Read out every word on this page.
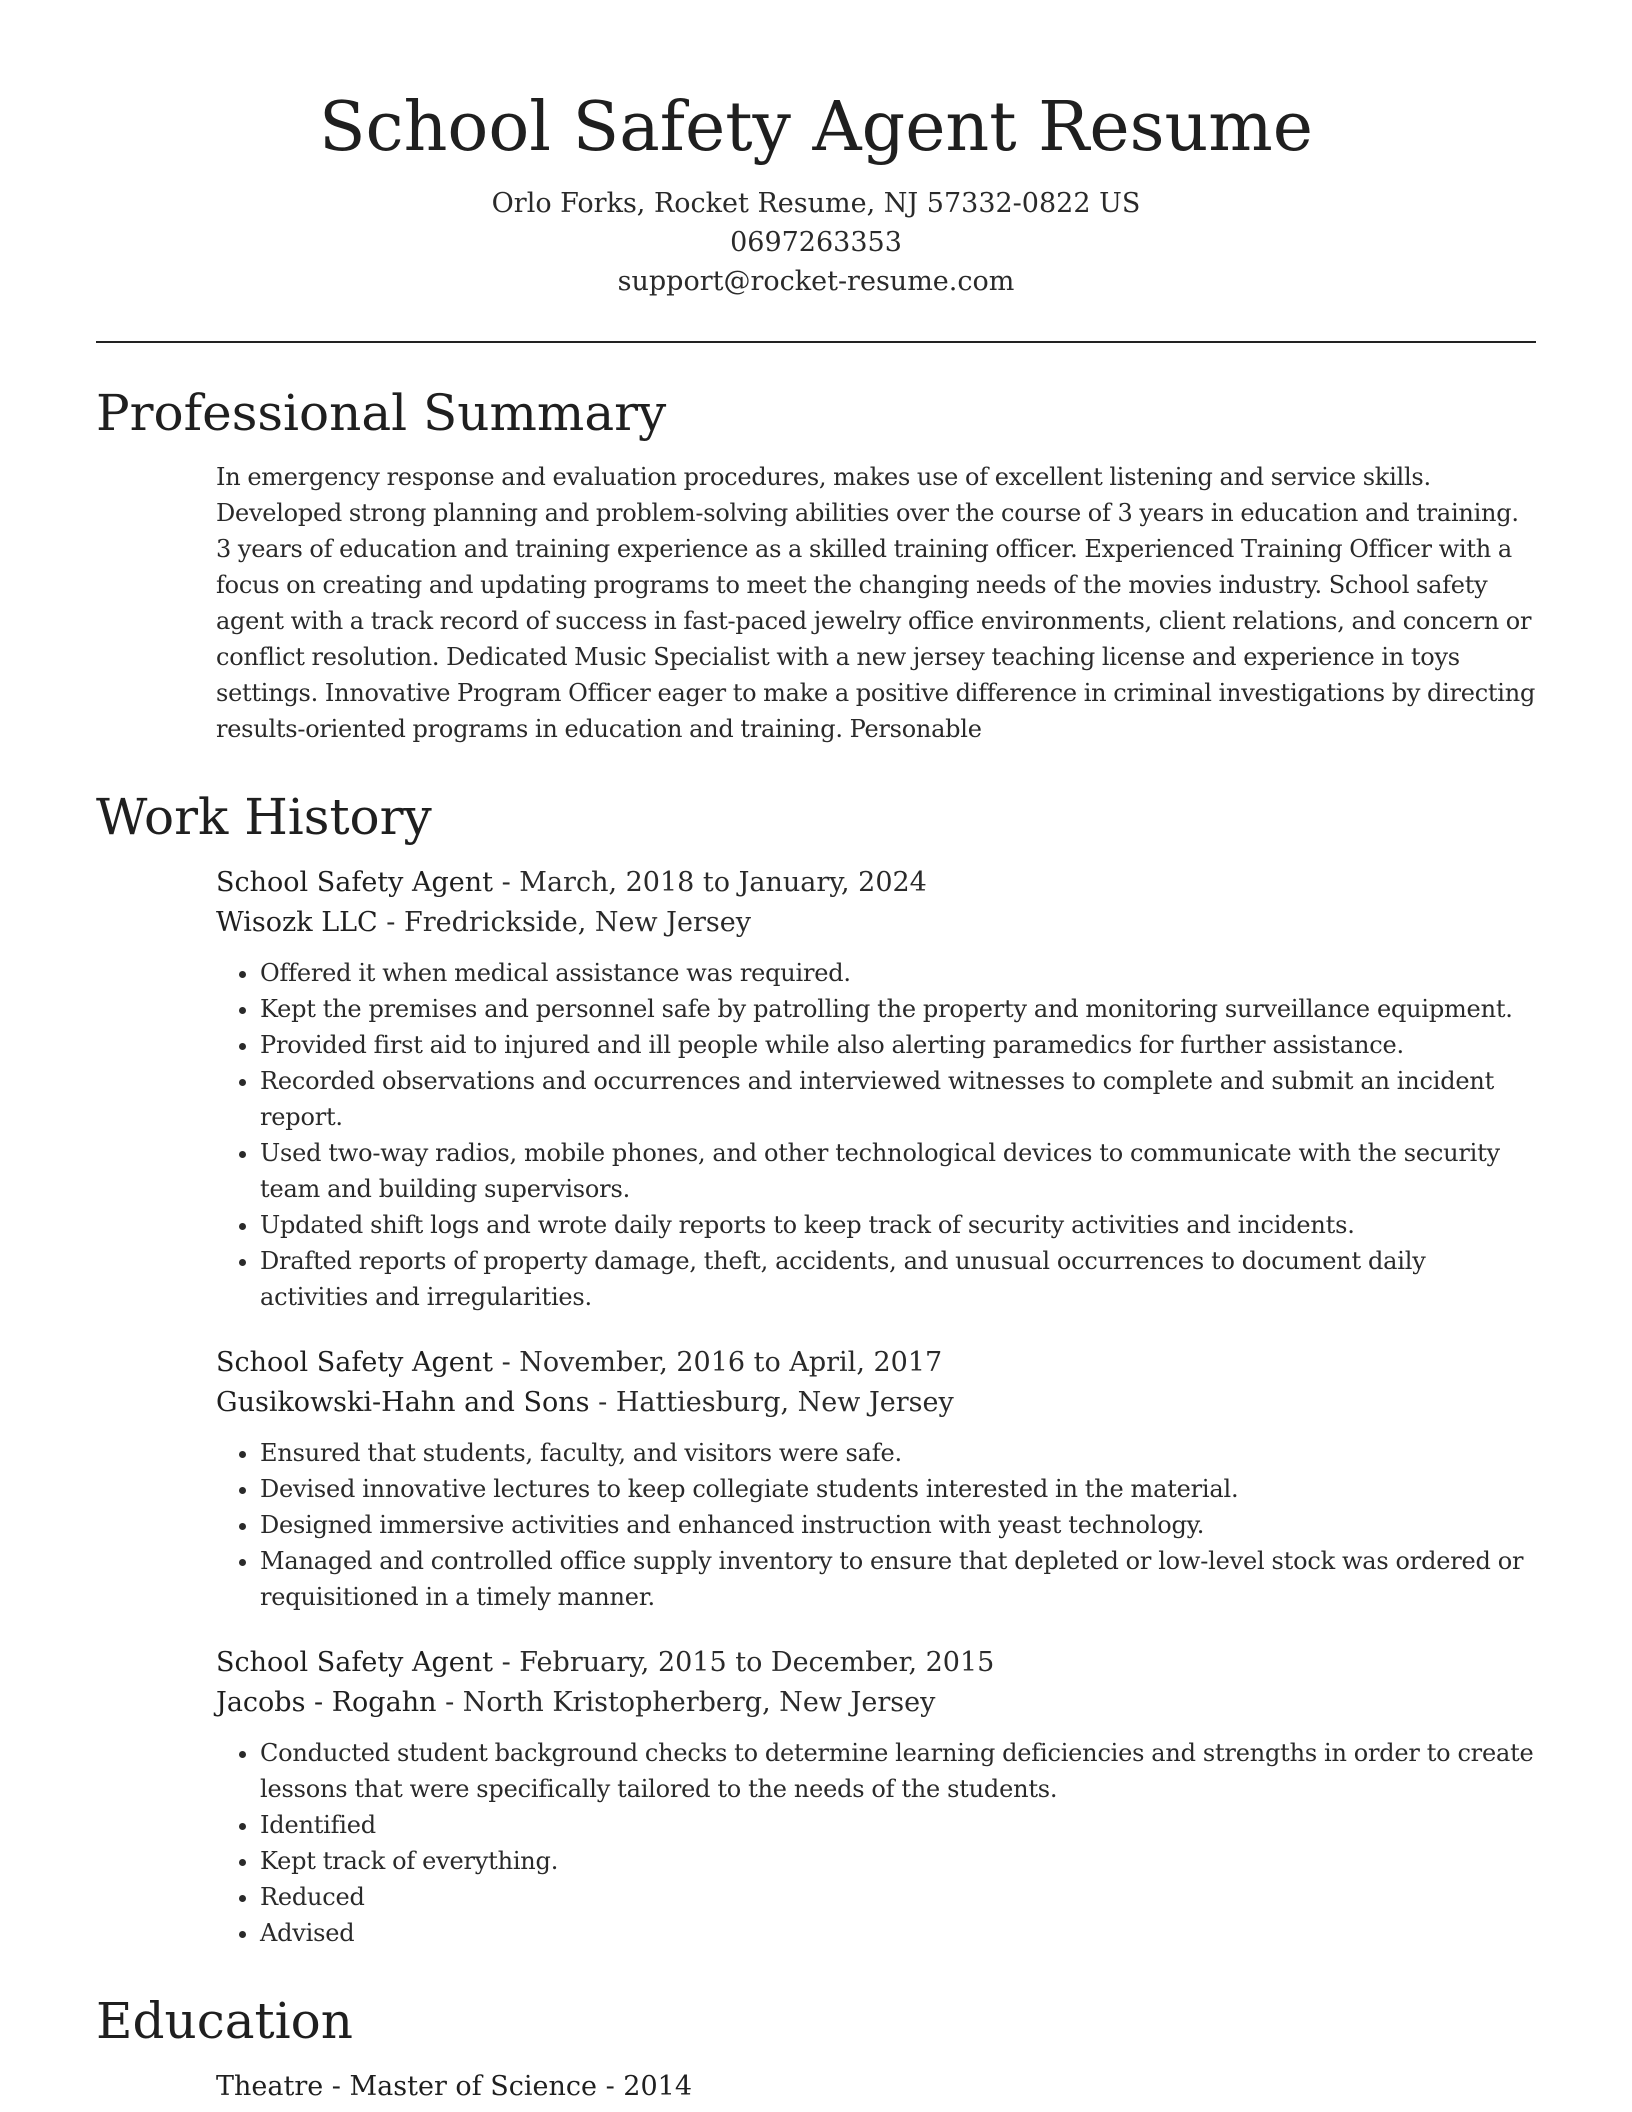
School Safety Agent Resume
Orlo Forks, Rocket Resume, NJ 57332-0822 US
0697263353
support@rocket-resume.com
Professional Summary
In emergency response and evaluation procedures, makes use of excellent listening and service skills. Developed strong planning and problem-solving abilities over the course of 3 years in education and training. 3 years of education and training experience as a skilled training officer. Experienced Training Officer with a focus on creating and updating programs to meet the changing needs of the movies industry. School safety agent with a track record of success in fast-paced jewelry office environments, client relations, and concern or conflict resolution. Dedicated Music Specialist with a new jersey teaching license and experience in toys settings. Innovative Program Officer eager to make a positive difference in criminal investigations by directing results-oriented programs in education and training. Personable
Work History
School Safety Agent - March, 2018 to January, 2024
Wisozk LLC - Fredrickside, New Jersey
• Offered it when medical assistance was required.
• Kept the premises and personnel safe by patrolling the property and monitoring surveillance equipment.
• Provided first aid to injured and ill people while also alerting paramedics for further assistance.
• Recorded observations and occurrences and interviewed witnesses to complete and submit an incident report.
• Used two-way radios, mobile phones, and other technological devices to communicate with the security team and building supervisors.
• Updated shift logs and wrote daily reports to keep track of security activities and incidents.
• Drafted reports of property damage, theft, accidents, and unusual occurrences to document daily activities and irregularities.
School Safety Agent - November, 2016 to April, 2017
Gusikowski-Hahn and Sons - Hattiesburg, New Jersey
• Ensured that students, faculty, and visitors were safe.
• Devised innovative lectures to keep collegiate students interested in the material.
• Designed immersive activities and enhanced instruction with yeast technology.
• Managed and controlled office supply inventory to ensure that depleted or low-level stock was ordered or requisitioned in a timely manner.
School Safety Agent - February, 2015 to December, 2015
Jacobs - Rogahn - North Kristopherberg, New Jersey
• Conducted student background checks to determine learning deficiencies and strengths in order to create lessons that were specifically tailored to the needs of the students.
• Identified
• Kept track of everything.
• Reduced
• Advised
Education
Theatre - Master of Science - 2014
